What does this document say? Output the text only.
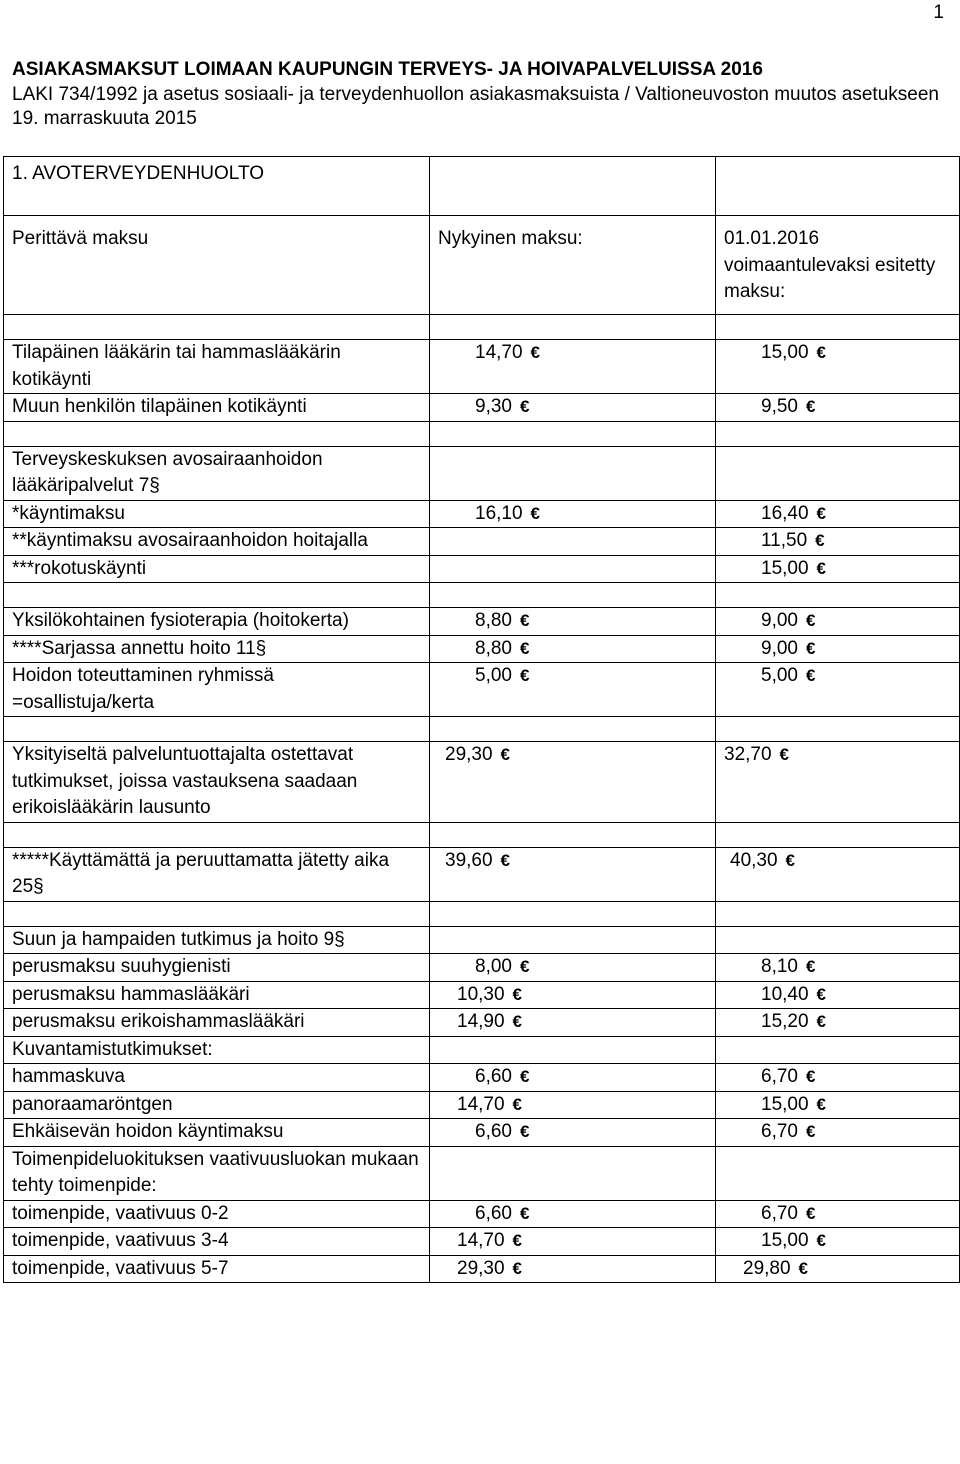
1
ASIAKASMAKSUT LOIMAAN KAUPUNGIN TERVEYS- JA HOIVAPALVELUISSA 2016
LAKI 734/1992 ja asetus sosiaali- ja terveydenhuollon asiakasmaksuista / Valtioneuvoston muutos asetukseen 19. marraskuuta 2015
1. AVOTERVEYDENHUOLTO		
Perittävä maksu	Nykyinen maksu:	01.01.2016 voimaantulevaksi esitetty maksu:

Tilapäinen lääkärin tai hammaslääkärin kotikäynti	14,70 €	15,00 €
Muun henkilön tilapäinen kotikäynti	9,30 €	9,50 €

Terveyskeskuksen avosairaanhoidon lääkäripalvelut 7§		
*käyntimaksu	16,10 €	16,40 €
**käyntimaksu avosairaanhoidon hoitajalla		11,50 €
***rokotuskäynti		15,00 €

Yksilökohtainen fysioterapia (hoitokerta)	8,80 €	9,00 €
****Sarjassa annettu hoito 11§	8,80 €	9,00 €
Hoidon toteuttaminen ryhmissä =osallistuja/kerta	5,00 €	5,00 €

Yksityiseltä palveluntuottajalta ostettavat tutkimukset, joissa vastauksena saadaan erikoislääkärin lausunto	29,30 €	32,70 €

*****Käyttämättä ja peruuttamatta jätetty aika 25§	39,60 €	40,30 €

Suun ja hampaiden tutkimus ja hoito 9§		
perusmaksu suuhygienisti	8,00 €	8,10 €
perusmaksu hammaslääkäri	10,30 €	10,40 €
perusmaksu erikoishammaslääkäri	14,90 €	15,20 €
Kuvantamistutkimukset:		
hammaskuva	6,60 €	6,70 €
panoraamaröntgen	14,70 €	15,00 €
Ehkäisevän hoidon käyntimaksu	6,60 €	6,70 €
Toimenpideluokituksen vaativuusluokan mukaan tehty toimenpide:		
toimenpide, vaativuus 0-2	6,60 €	6,70 €
toimenpide, vaativuus 3-4	14,70 €	15,00 €
toimenpide, vaativuus 5-7	29,30 €	29,80 €
